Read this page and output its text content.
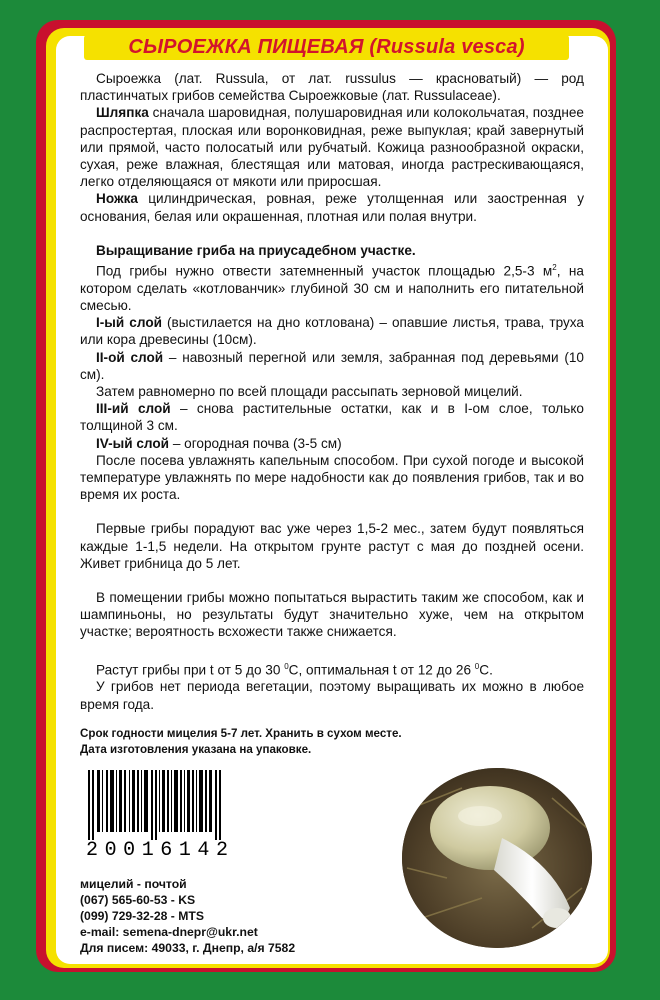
СЫРОЕЖКА ПИЩЕВАЯ (Russula vesca)

Сыроежка (лат. Russula, от лат. russulus — красноватый) — род пластинчатых грибов семейства Сыроежковые (лат. Russulaceae).

Шляпка сначала шаровидная, полушаровидная или колокольчатая, позднее распростертая, плоская или воронковидная, реже выпуклая; край завернутый или прямой, часто полосатый или рубчатый. Кожица разнообразной окраски, сухая, реже влажная, блестящая или матовая, иногда растрескивающаяся, легко отделяющаяся от мякоти или приросшая.

Ножка цилиндрическая, ровная, реже утолщенная или заостренная у основания, белая или окрашенная, плотная или полая внутри.

Выращивание гриба на приусадебном участке.

Под грибы нужно отвести затемненный участок площадью 2,5-3 $м^2$, на котором сделать «котлованчик» глубиной 30 см и наполнить его питательной смесью.

I-ый слой (выстилается на дно котлована) – опавшие листья, трава, труха или кора древесины (10см).

II-ой слой – навозный перегной или земля, забранная под деревьями (10 см).

Затем равномерно по всей площади рассыпать зерновой мицелий.

III-ий слой – снова растительные остатки, как и в I-ом слое, только толщиной 3 см.

IV-ый слой – огородная почва (3-5 см)

После посева увлажнять капельным способом. При сухой погоде и высокой температуре увлажнять по мере надобности как до появления грибов, так и во время их роста.

Первые грибы порадуют вас уже через 1,5-2 мес., затем будут появляться каждые 1-1,5 недели. На открытом грунте растут с мая до поздней осени. Живет грибница до 5 лет.

В помещении грибы можно попытаться вырастить таким же способом, как и шампиньоны, но результаты будут значительно хуже, чем на открытом участке; вероятность всхожести также снижается.

Растут грибы при t от 5 до 30 $^0$С, оптимальная t от 12 до 26 $^0$С.

У грибов нет периода вегетации, поэтому выращивать их можно в любое время года.

Срок годности мицелия 5-7 лет. Хранить в сухом месте.
Дата изготовления указана на упаковке.
2 0 0 1 6 1 4 2
мицелий - почтой
(067) 565-60-53 - KS
(099) 729-32-28 - MTS
e-mail: semena-dnepr@ukr.net
Для писем: 49033, г. Днепр, а/я 7582
